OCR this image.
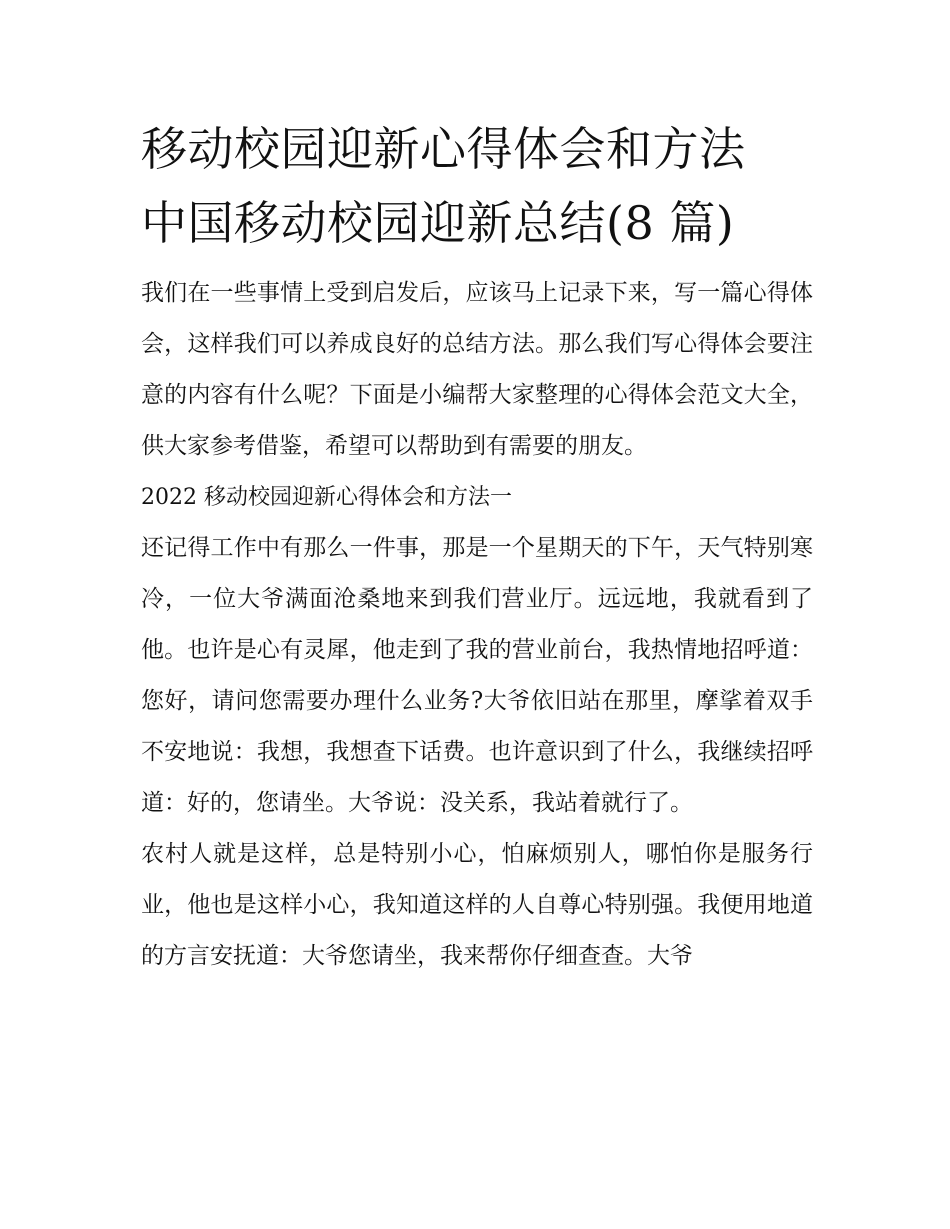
移动校园迎新心得体会和方法
中国移动校园迎新总结(8 篇)

我们在一些事情上受到启发后，应该马上记录下来，写一篇心得体会，这样我们可以养成良好的总结方法。那么我们写心得体会要注意的内容有什么呢？下面是小编帮大家整理的心得体会范文大全，供大家参考借鉴，希望可以帮助到有需要的朋友。

2022 移动校园迎新心得体会和方法一

还记得工作中有那么一件事，那是一个星期天的下午，天气特别寒冷，一位大爷满面沧桑地来到我们营业厅。远远地，我就看到了他。也许是心有灵犀，他走到了我的营业前台，我热情地招呼道：您好，请问您需要办理什么业务?大爷依旧站在那里，摩挲着双手不安地说：我想，我想查下话费。也许意识到了什么，我继续招呼道：好的，您请坐。大爷说：没关系，我站着就行了。

农村人就是这样，总是特别小心，怕麻烦别人，哪怕你是服务行业，他也是这样小心，我知道这样的人自尊心特别强。我便用地道的方言安抚道：大爷您请坐，我来帮你仔细查查。大爷
